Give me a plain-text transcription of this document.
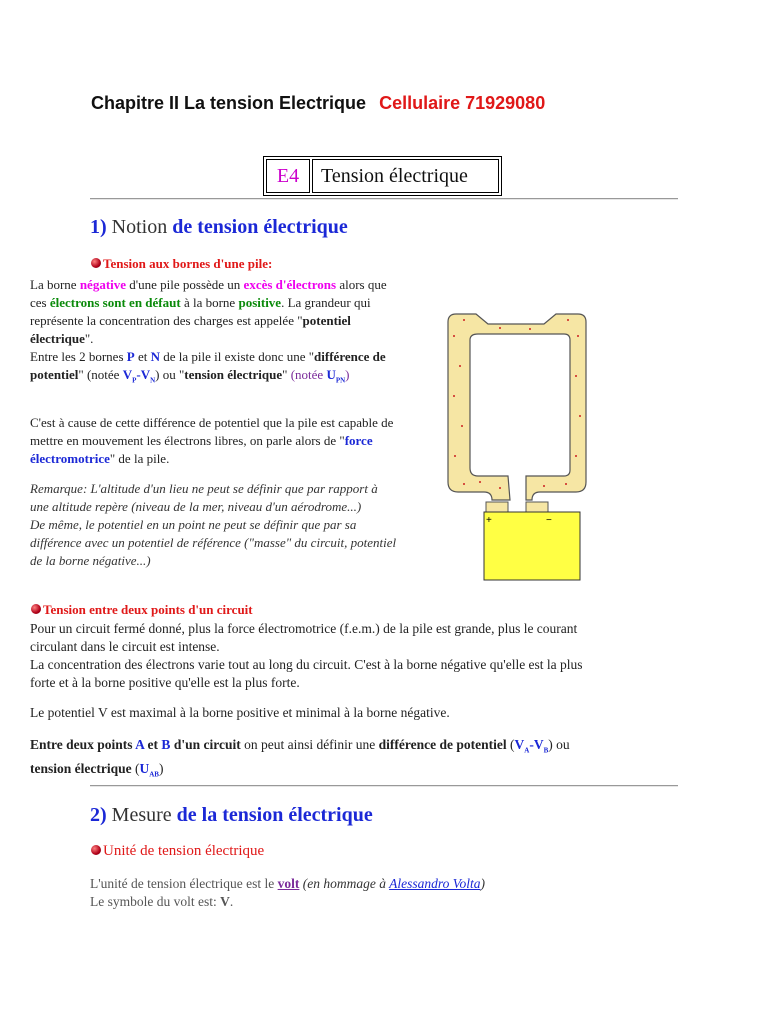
Chapitre II La tension Electrique Cellulaire 71929080
E4	Tension électrique
1) Notion de tension électrique
Tension aux bornes d'une pile:
La borne négative d'une pile possède un excès d'électrons alors que ces électrons sont en défaut à la borne positive. La grandeur qui représente la concentration des charges est appelée "potentiel électrique".
Entre les 2 bornes P et N de la pile il existe donc une "différence de potentiel" (notée $V_P-V_N$) ou "tension électrique" (notée $U_{PN}$)
C'est à cause de cette différence de potentiel que la pile est capable de mettre en mouvement les électrons libres, on parle alors de "force électromotrice" de la pile.
Remarque: L'altitude d'un lieu ne peut se définir que par rapport à une altitude repère (niveau de la mer, niveau d'un aérodrome...)
De même, le potentiel en un point ne peut se définir que par sa différence avec un potentiel de référence ("masse" du circuit, potentiel de la borne négative...)
+	−
Tension entre deux points d'un circuit
Pour un circuit fermé donné, plus la force électromotrice (f.e.m.) de la pile est grande, plus le courant circulant dans le circuit est intense.
La concentration des électrons varie tout au long du circuit. C'est à la borne négative qu'elle est la plus forte et à la borne positive qu'elle est la plus forte.
Le potentiel V est maximal à la borne positive et minimal à la borne négative.
Entre deux points A et B d'un circuit on peut ainsi définir une différence de potentiel $(V_A-V_B)$ ou tension électrique $(U_{AB})$
2) Mesure de la tension électrique
Unité de tension électrique
L'unité de tension électrique est le volt (en hommage à Alessandro Volta)
Le symbole du volt est: V.
